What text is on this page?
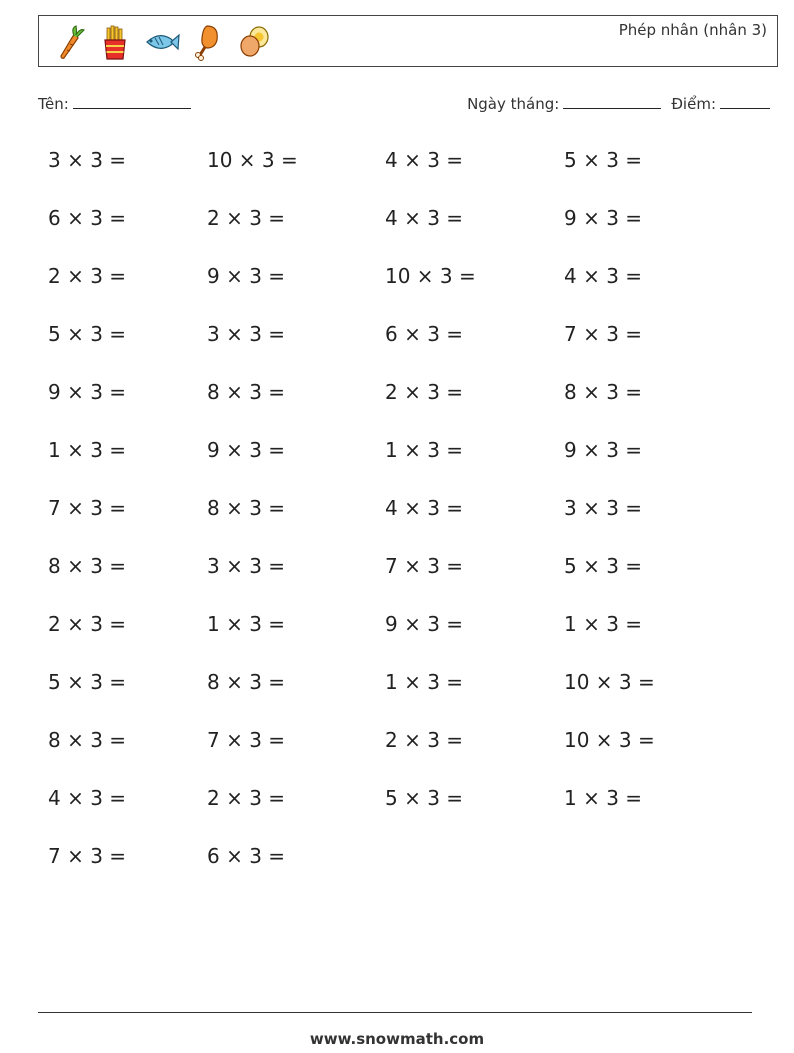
Phép nhân (nhân 3)
Tên:	Ngày tháng:	Điểm:
3 × 3 =	10 × 3 =	4 × 3 =	5 × 3 =
6 × 3 =	2 × 3 =	4 × 3 =	9 × 3 =
2 × 3 =	9 × 3 =	10 × 3 =	4 × 3 =
5 × 3 =	3 × 3 =	6 × 3 =	7 × 3 =
9 × 3 =	8 × 3 =	2 × 3 =	8 × 3 =
1 × 3 =	9 × 3 =	1 × 3 =	9 × 3 =
7 × 3 =	8 × 3 =	4 × 3 =	3 × 3 =
8 × 3 =	3 × 3 =	7 × 3 =	5 × 3 =
2 × 3 =	1 × 3 =	9 × 3 =	1 × 3 =
5 × 3 =	8 × 3 =	1 × 3 =	10 × 3 =
8 × 3 =	7 × 3 =	2 × 3 =	10 × 3 =
4 × 3 =	2 × 3 =	5 × 3 =	1 × 3 =
7 × 3 =	6 × 3 =
www.snowmath.com
